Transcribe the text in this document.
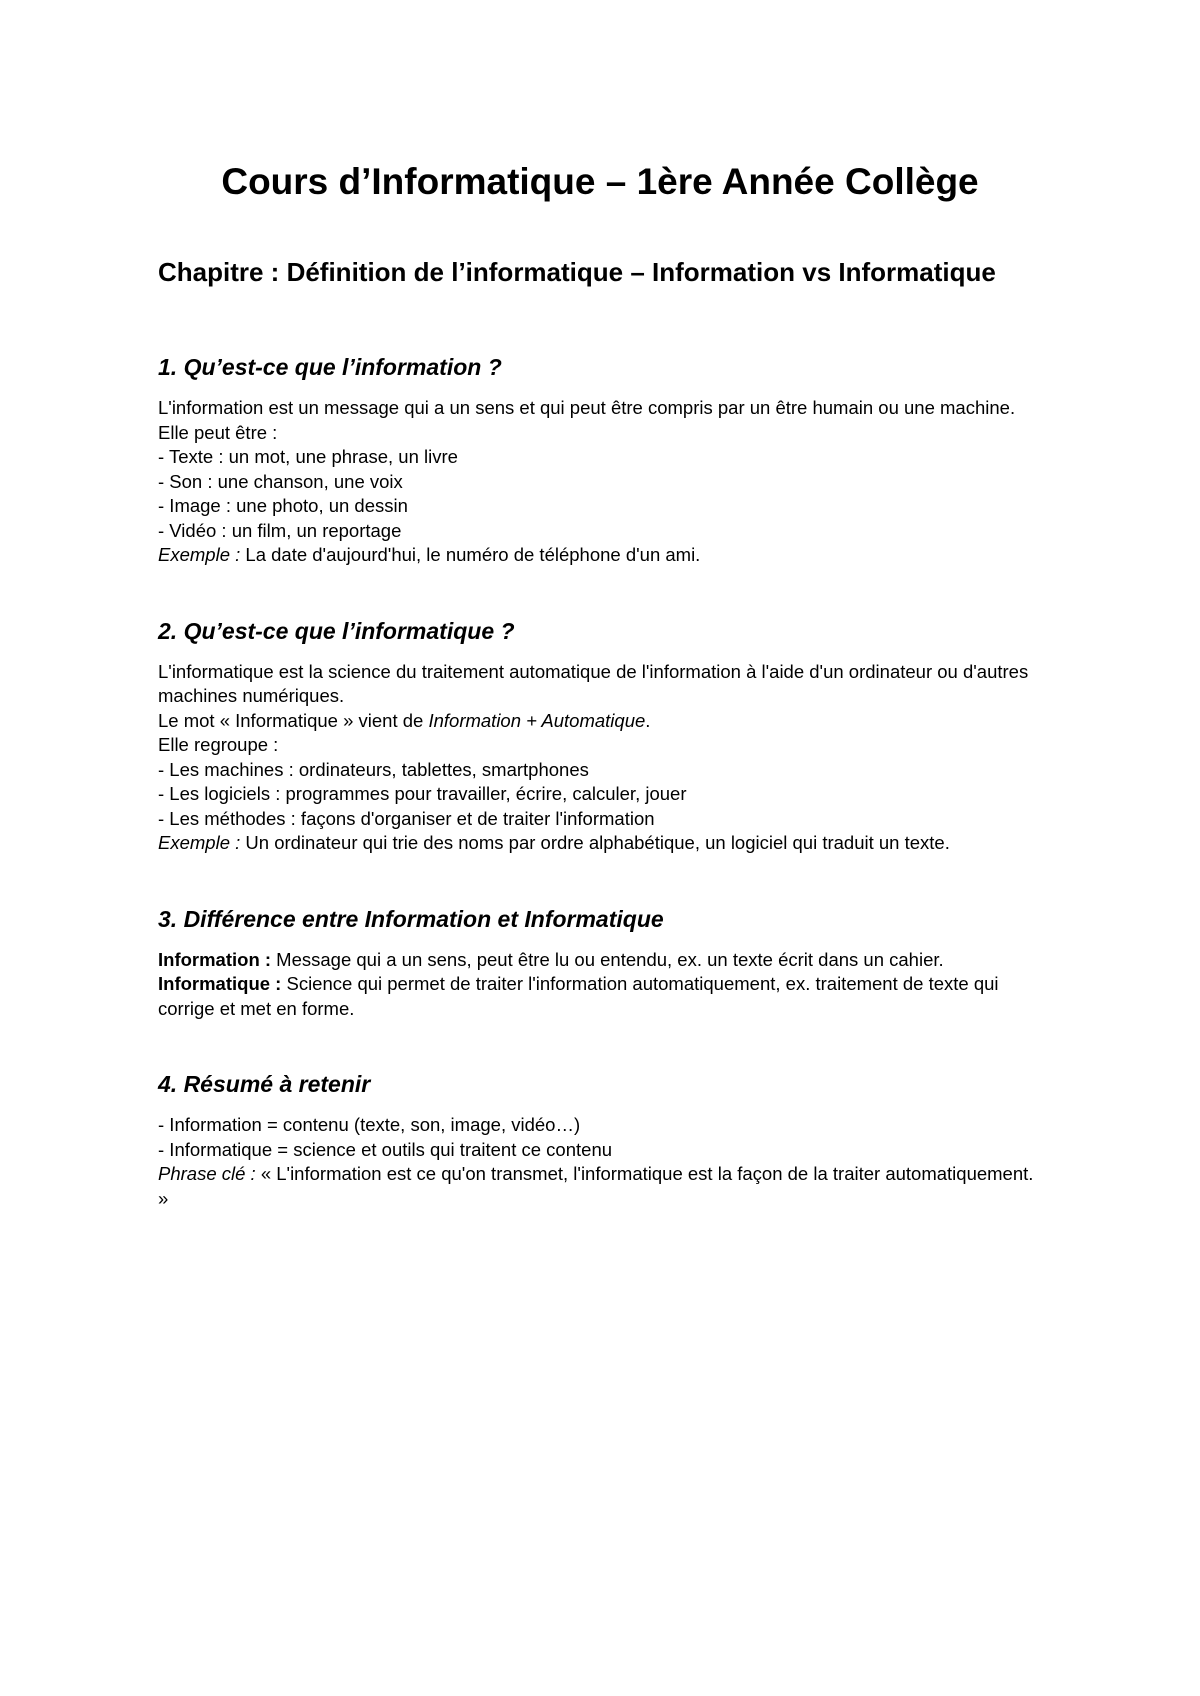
Cours d’Informatique – 1ère Année Collège
Chapitre : Définition de l’informatique – Information vs Informatique
1. Qu’est-ce que l’information ?

L'information est un message qui a un sens et qui peut être compris par un être humain ou une machine.

Elle peut être :

- Texte : un mot, une phrase, un livre

- Son : une chanson, une voix

- Image : une photo, un dessin

- Vidéo : un film, un reportage

Exemple : La date d'aujourd'hui, le numéro de téléphone d'un ami.

2. Qu’est-ce que l’informatique ?

L'informatique est la science du traitement automatique de l'information à l'aide d'un ordinateur ou d'autres machines numériques.

Le mot « Informatique » vient de Information + Automatique.

Elle regroupe :

- Les machines : ordinateurs, tablettes, smartphones

- Les logiciels : programmes pour travailler, écrire, calculer, jouer

- Les méthodes : façons d'organiser et de traiter l'information

Exemple : Un ordinateur qui trie des noms par ordre alphabétique, un logiciel qui traduit un texte.

3. Différence entre Information et Informatique

Information : Message qui a un sens, peut être lu ou entendu, ex. un texte écrit dans un cahier.

Informatique : Science qui permet de traiter l'information automatiquement, ex. traitement de texte qui corrige et met en forme.

4. Résumé à retenir

- Information = contenu (texte, son, image, vidéo…)

- Informatique = science et outils qui traitent ce contenu

Phrase clé : « L'information est ce qu'on transmet, l'informatique est la façon de la traiter automatiquement. »
